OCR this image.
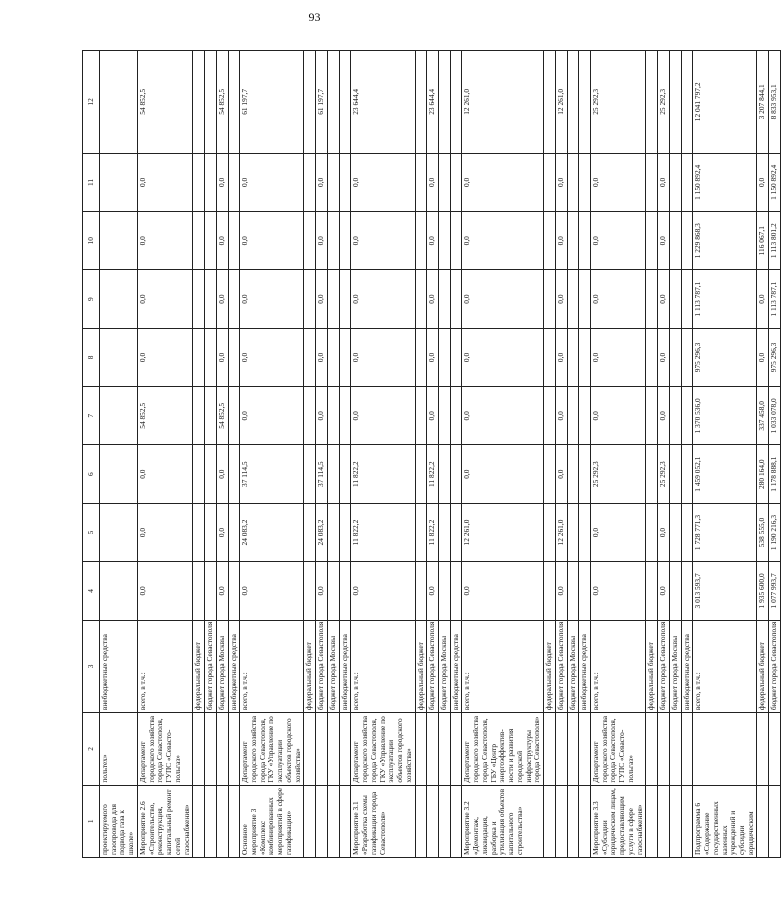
93
1	2	3	4	5	6	7	8	9	10	11	12
проектируемого газопровода для подвода газа к школе»	польтех»	внебюджетные средства									
Мероприятие 2.6 «Строительство, реконструкция, капитальный ремонт сетей газоснабжения»	Департамент городского хозяйства города Севастополя, ГУПС «Севасто-польгаз»	всего, в т.ч.:	0,0	0,0	0,0	54 852,5	0,0	0,0	0,0	0,0	54 852,5
		федеральный бюджет									
		бюджет города Севастополя									
		бюджет города Москвы	0,0	0,0	0,0	54 852,5	0,0	0,0	0,0	0,0	54 852,5
		внебюджетные средства									
Основное мероприятие 3 «Комплекс комбинированных мероприятий в сфере газификации»	Департамент городского хозяйства города Севастополя, ГКУ «Управление по эксплуатации объектов городского хозяйства»	всего, в т.ч.:	0,0	24 083,2	37 114,5	0,0	0,0	0,0	0,0	0,0	61 197,7
		федеральный бюджет									
		бюджет города Севастополя	0,0	24 083,2	37 114,5	0,0	0,0	0,0	0,0	0,0	61 197,7
		бюджет города Москвы									
		внебюджетные средства									
Мероприятие 3.1 «Разработка схемы газификации города Севастополя»	Департамент городского хозяйства города Севастополя, ГКУ «Управление по эксплуатации объектов городского хозяйства»	всего, в т.ч.:	0,0	11 822,2	11 822,2	0,0	0,0	0,0	0,0	0,0	23 644,4
		федеральный бюджет									
		бюджет города Севастополя	0,0	11 822,2	11 822,2	0,0	0,0	0,0	0,0	0,0	23 644,4
		бюджет города Москвы									
		внебюджетные средства									
Мероприятие 3.2 «Демонтаж, ликвидация, разборка и утилизация объектов капитального строительства»	Департамент городского хозяйства города Севастополя, ГБУ «Центр энергоэффектив-ности и развития городской инфраструктуры города Севастополя»	всего, в т.ч.:	0,0	12 261,0	0,0	0,0	0,0	0,0	0,0	0,0	12 261,0
		федеральный бюджет									
		бюджет города Севастополя	0,0	12 261,0	0,0	0,0	0,0	0,0	0,0	0,0	12 261,0
		бюджет города Москвы									
		внебюджетные средства									
Мероприятие 3.3 «Субсидии юридическим лицам, предоставляющим услуги в сфере газоснабжения»	Департамент городского хозяйства города Севастополя, ГУПС «Севасто-польгаз»	всего, в т.ч.:	0,0	0,0	25 292,3	0,0	0,0	0,0	0,0	0,0	25 292,3
		федеральный бюджет									
		бюджет города Севастополя	0,0	0,0	25 292,3	0,0	0,0	0,0	0,0	0,0	25 292,3
		бюджет города Москвы									
		внебюджетные средства									
Подпрограмма 6 «Содержание государственных казенных учреждений и субсидии юридическим		всего, в т.ч.:	3 013 593,7	1 728 771,3	1 459 052,1	1 370 536,0	975 296,3	1 113 787,1	1 229 868,3	1 150 892,4	12 041 797,2
		федеральный бюджет	1 935 600,0	538 555,0	280 164,0	337 458,0	0,0	0,0	116 067,1	0,0	3 207 844,1
		бюджет города Севастополя	1 077 993,7	1 190 216,3	1 178 888,1	1 033 078,0	975 296,3	1 113 787,1	1 113 801,2	1 150 892,4	8 833 953,1
